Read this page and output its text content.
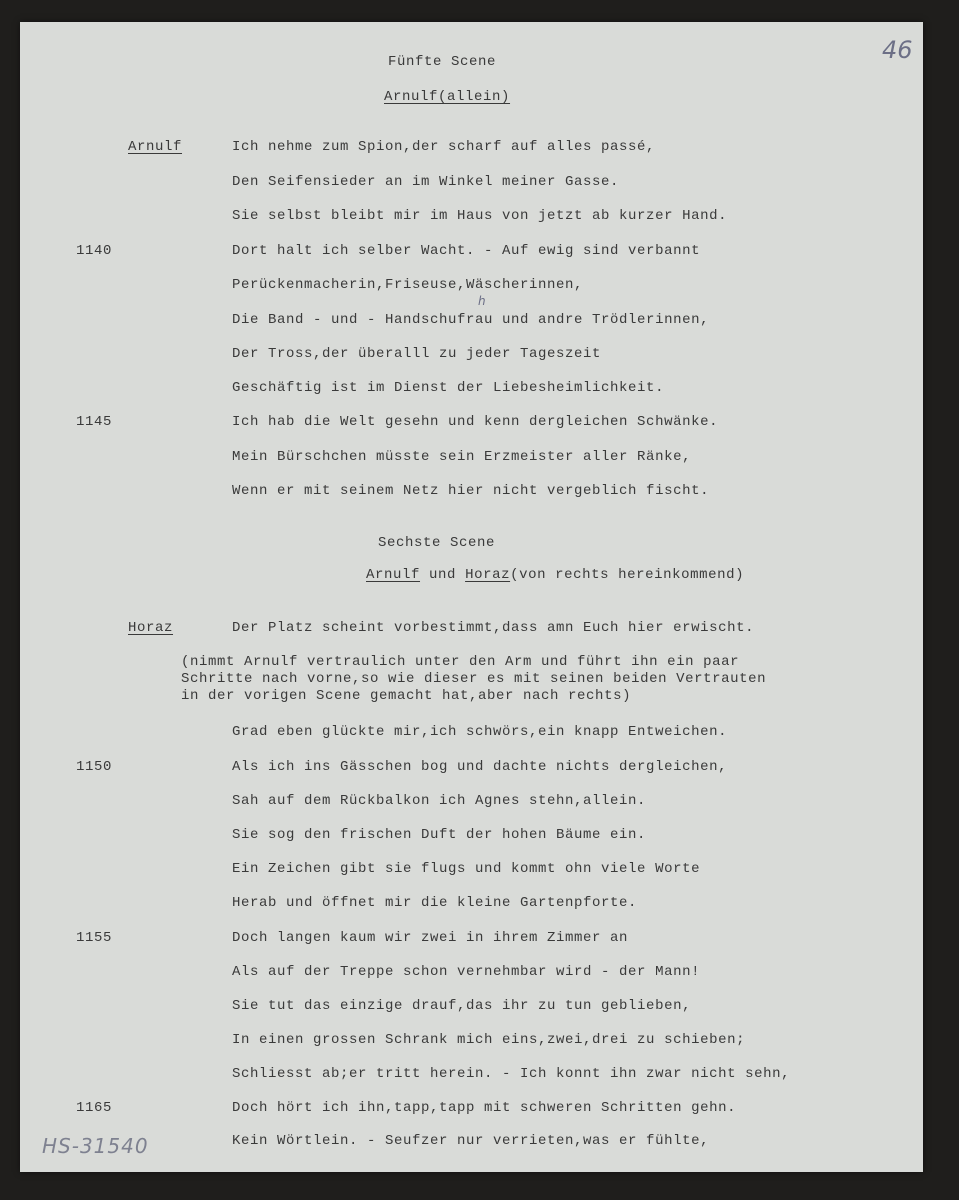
46
Fünfte Scene
Arnulf(allein)
Arnulf	Ich nehme zum Spion,der scharf auf alles passé,
Den Seifensieder an im Winkel meiner Gasse.
Sie selbst bleibt mir im Haus von jetzt ab kurzer Hand.
1140	Dort halt ich selber Wacht. - Auf ewig sind verbannt
Perückenmacherin,Friseuse,Wäscherinnen,
h
Die Band - und - Handschufrau und andre Trödlerinnen,
Der Tross,der überalll zu jeder Tageszeit
Geschäftig ist im Dienst der Liebesheimlichkeit.
1145	Ich hab die Welt gesehn und kenn dergleichen Schwänke.
Mein Bürschchen müsste sein Erzmeister aller Ränke,
Wenn er mit seinem Netz hier nicht vergeblich fischt.
Sechste Scene
Arnulf und Horaz(von rechts hereinkommend)
Horaz	Der Platz scheint vorbestimmt,dass amn Euch hier erwischt.
(nimmt Arnulf vertraulich unter den Arm und führt ihn ein paar
Schritte nach vorne,so wie dieser es mit seinen beiden Vertrauten
in der vorigen Scene gemacht hat,aber nach rechts)
Grad eben glückte mir,ich schwörs,ein knapp Entweichen.
1150	Als ich ins Gässchen bog und dachte nichts dergleichen,
Sah auf dem Rückbalkon ich Agnes stehn,allein.
Sie sog den frischen Duft der hohen Bäume ein.
Ein Zeichen gibt sie flugs und kommt ohn viele Worte
Herab und öffnet mir die kleine Gartenpforte.
1155	Doch langen kaum wir zwei in ihrem Zimmer an
Als auf der Treppe schon vernehmbar wird - der Mann!
Sie tut das einzige drauf,das ihr zu tun geblieben,
In einen grossen Schrank mich eins,zwei,drei zu schieben;
Schliesst ab;er tritt herein. - Ich konnt ihn zwar nicht sehn,
1165	Doch hört ich ihn,tapp,tapp mit schweren Schritten gehn.
Kein Wörtlein. - Seufzer nur verrieten,was er fühlte,
HS-31540
